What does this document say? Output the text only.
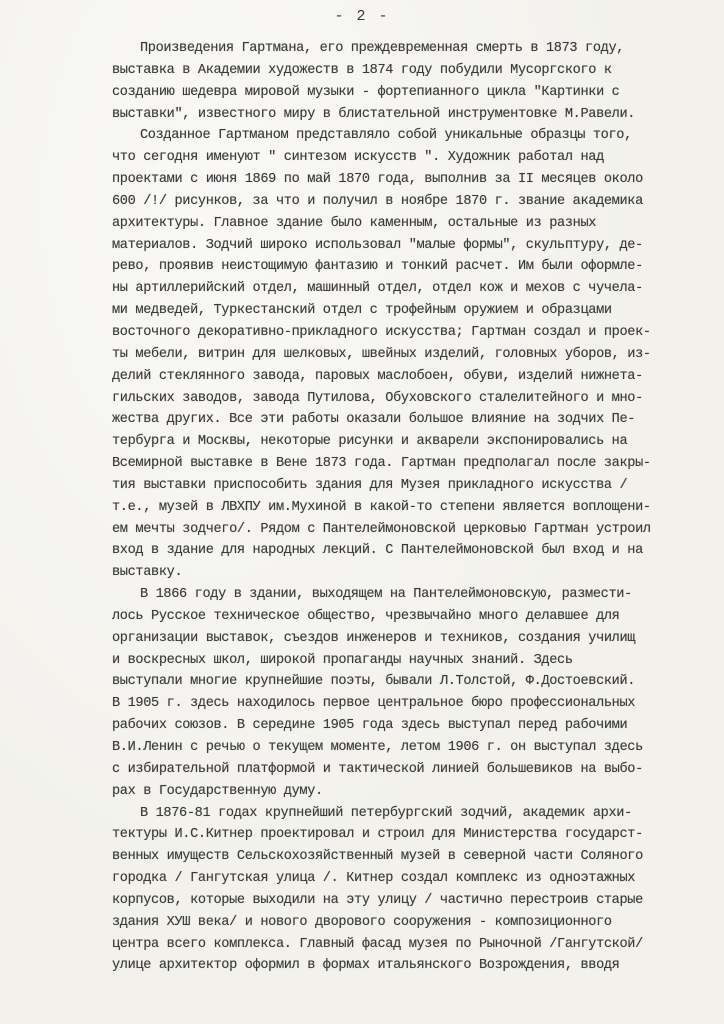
- 2 -
Произведения Гартмана, его преждевременная смерть в 1873 году,
выставка в Академии художеств в 1874 году побудили Мусоргского к
созданию шедевра мировой музыки - фортепианного цикла "Картинки с
выставки", известного миру в блистательной инструментовке М.Равели.
Созданное Гартманом представляло собой уникальные образцы того,
что сегодня именуют " синтезом искусств ". Художник работал над
проектами с июня 1869 по май 1870 года, выполнив за II месяцев около
600 /!/ рисунков, за что и получил в ноябре 1870 г. звание академика
архитектуры. Главное здание было каменным, остальные из разных
материалов. Зодчий широко использовал "малые формы", скульптуру, де-
рево, проявив неистощимую фантазию и тонкий расчет. Им были оформле-
ны артиллерийский отдел, машинный отдел, отдел кож и мехов с чучела-
ми медведей, Туркестанский отдел с трофейным оружием и образцами
восточного декоративно-прикладного искусства; Гартман создал и проек-
ты мебели, витрин для шелковых, швейных изделий, головных уборов, из-
делий стеклянного завода, паровых маслобоен, обуви, изделий нижнета-
гильских заводов, завода Путилова, Обуховского сталелитейного и мно-
жества других. Все эти работы оказали большое влияние на зодчих Пе-
тербурга и Москвы, некоторые рисунки и акварели экспонировались на
Всемирной выставке в Вене 1873 года. Гартман предполагал после закры-
тия выставки приспособить здания для Музея прикладного искусства /
т.е., музей в ЛВХПУ им.Мухиной в какой-то степени является воплощени-
ем мечты зодчего/. Рядом с Пантелеймоновской церковью Гартман устроил
вход в здание для народных лекций. С Пантелеймоновской был вход и на
выставку.
В 1866 году в здании, выходящем на Пантелеймоновскую, размести-
лось Русское техническое общество, чрезвычайно много делавшее для
организации выставок, съездов инженеров и техников, создания училищ
и воскресных школ, широкой пропаганды научных знаний. Здесь
выступали многие крупнейшие поэты, бывали Л.Толстой, Ф.Достоевский.
В 1905 г. здесь находилось первое центральное бюро профессиональных
рабочих союзов. В середине 1905 года здесь выступал перед рабочими
В.И.Ленин с речью о текущем моменте, летом 1906 г. он выступал здесь
с избирательной платформой и тактической линией большевиков на выбо-
рах в Государственную думу.
В 1876-81 годах крупнейший петербургский зодчий, академик архи-
тектуры И.С.Китнер проектировал и строил для Министерства государст-
венных имуществ Сельскохозяйственный музей в северной части Соляного
городка / Гангутская улица /. Китнер создал комплекс из одноэтажных
корпусов, которые выходили на эту улицу / частично перестроив старые
здания ХУШ века/ и нового дворового сооружения - композиционного
центра всего комплекса. Главный фасад музея по Рыночной /Гангутской/
улице архитектор оформил в формах итальянского Возрождения, вводя
